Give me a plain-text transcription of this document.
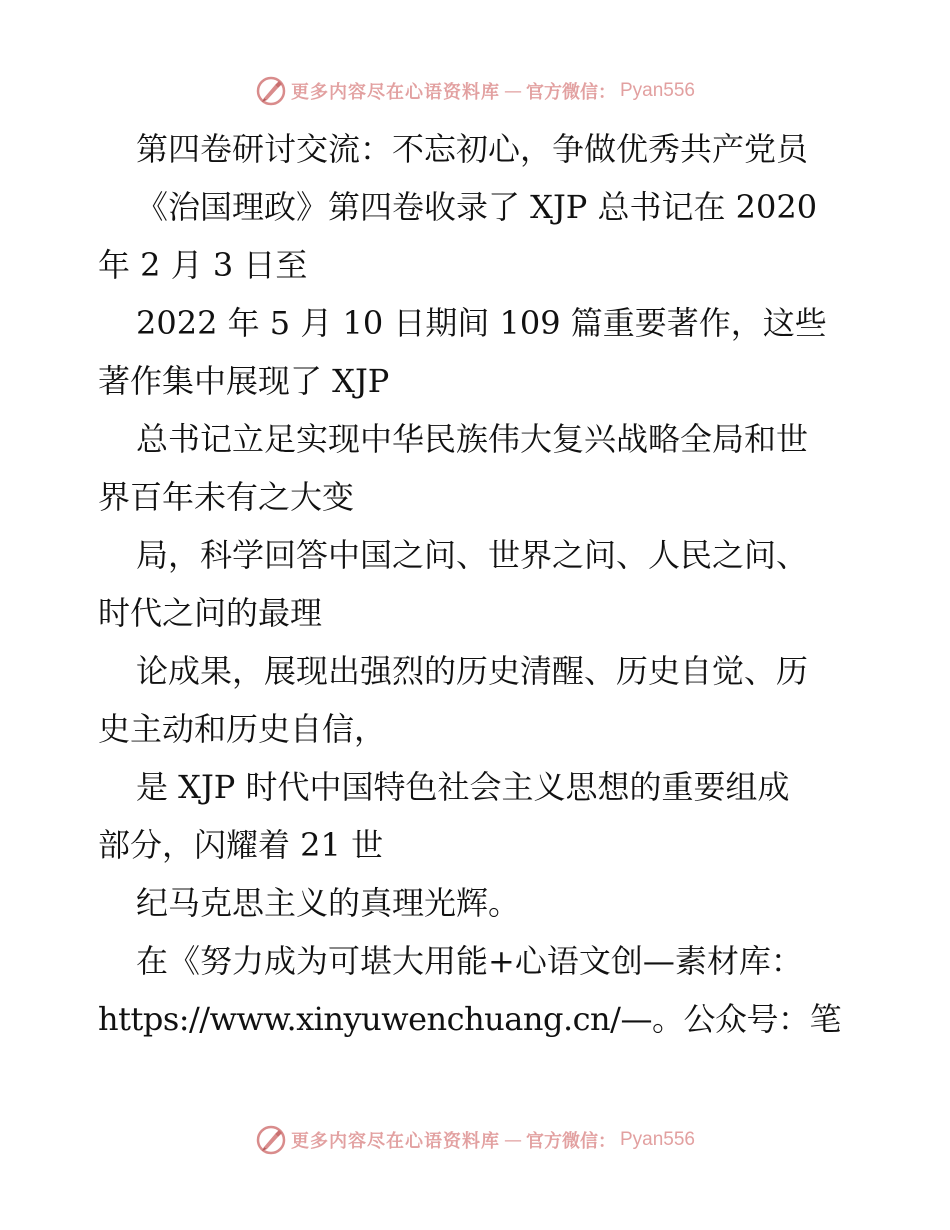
更多内容尽在心语资料库 — 官方微信： Pyan556
第四卷研讨交流：不忘初心，争做优秀共产党员
《治国理政》第四卷收录了 XJP 总书记在 2020
年 2 月 3 日至
2022 年 5 月 10 日期间 109 篇重要著作，这些
著作集中展现了 XJP
总书记立足实现中华民族伟大复兴战略全局和世
界百年未有之大变
局，科学回答中国之问、世界之问、人民之问、
时代之问的最理
论成果，展现出强烈的历史清醒、历史自觉、历
史主动和历史自信，
是 XJP 时代中国特色社会主义思想的重要组成
部分，闪耀着 21 世
纪马克思主义的真理光辉。
在《努力成为可堪大用能+心语文创—素材库：
https://www.xinyuwenchuang.cn/—。公众号：笔
更多内容尽在心语资料库 — 官方微信： Pyan556
